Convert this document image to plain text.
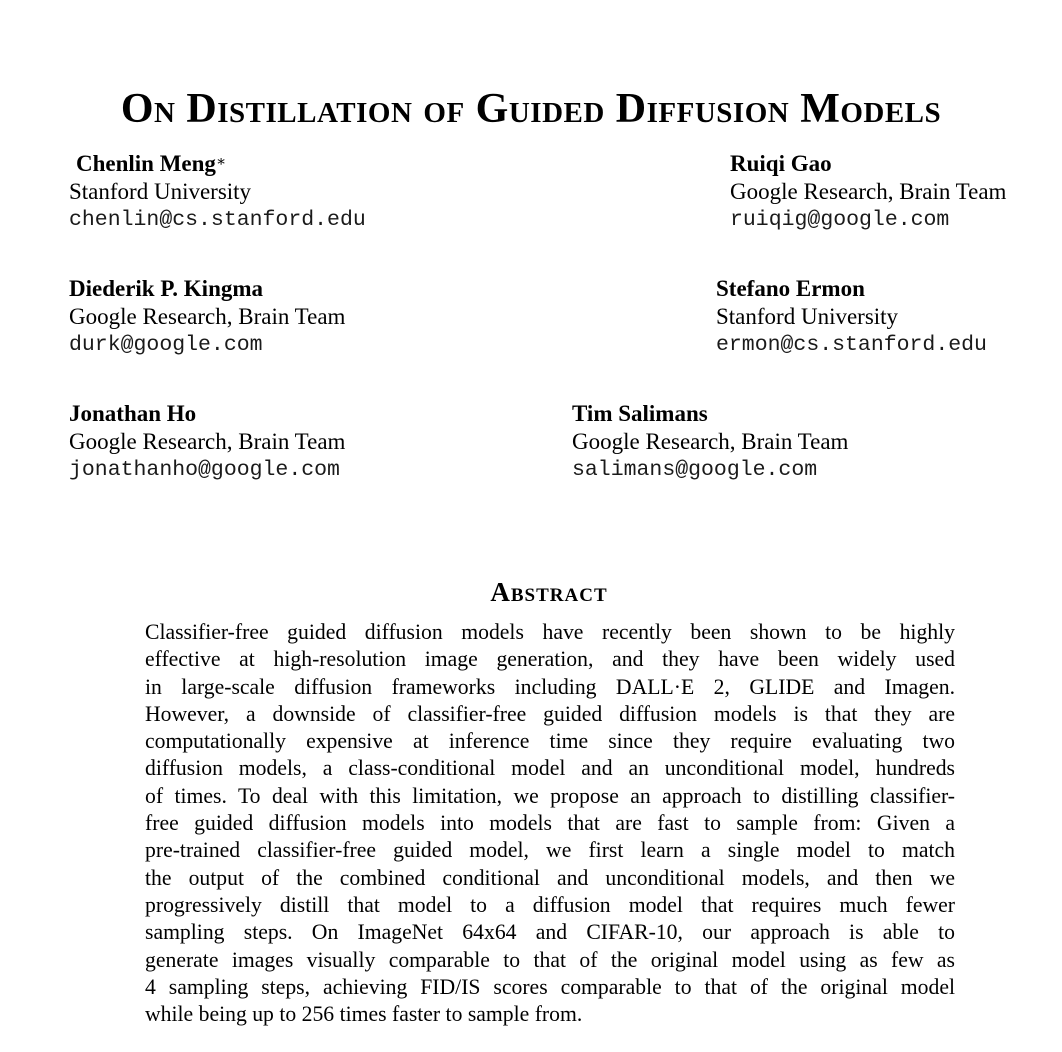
On Distillation of Guided Diffusion Models
Chenlin Meng∗
Stanford University
chenlin@cs.stanford.edu
Ruiqi Gao
Google Research, Brain Team
ruiqig@google.com
Diederik P. Kingma
Google Research, Brain Team
durk@google.com
Stefano Ermon
Stanford University
ermon@cs.stanford.edu
Jonathan Ho
Google Research, Brain Team
jonathanho@google.com
Tim Salimans
Google Research, Brain Team
salimans@google.com
Abstract
Classifier-free guided diffusion models have recently been shown to be highly
effective at high-resolution image generation, and they have been widely used
in large-scale diffusion frameworks including DALL·E 2, GLIDE and Imagen.
However, a downside of classifier-free guided diffusion models is that they are
computationally expensive at inference time since they require evaluating two
diffusion models, a class-conditional model and an unconditional model, hundreds
of times. To deal with this limitation, we propose an approach to distilling classifier-
free guided diffusion models into models that are fast to sample from: Given a
pre-trained classifier-free guided model, we first learn a single model to match
the output of the combined conditional and unconditional models, and then we
progressively distill that model to a diffusion model that requires much fewer
sampling steps. On ImageNet 64x64 and CIFAR-10, our approach is able to
generate images visually comparable to that of the original model using as few as
4 sampling steps, achieving FID/IS scores comparable to that of the original model
while being up to 256 times faster to sample from.
